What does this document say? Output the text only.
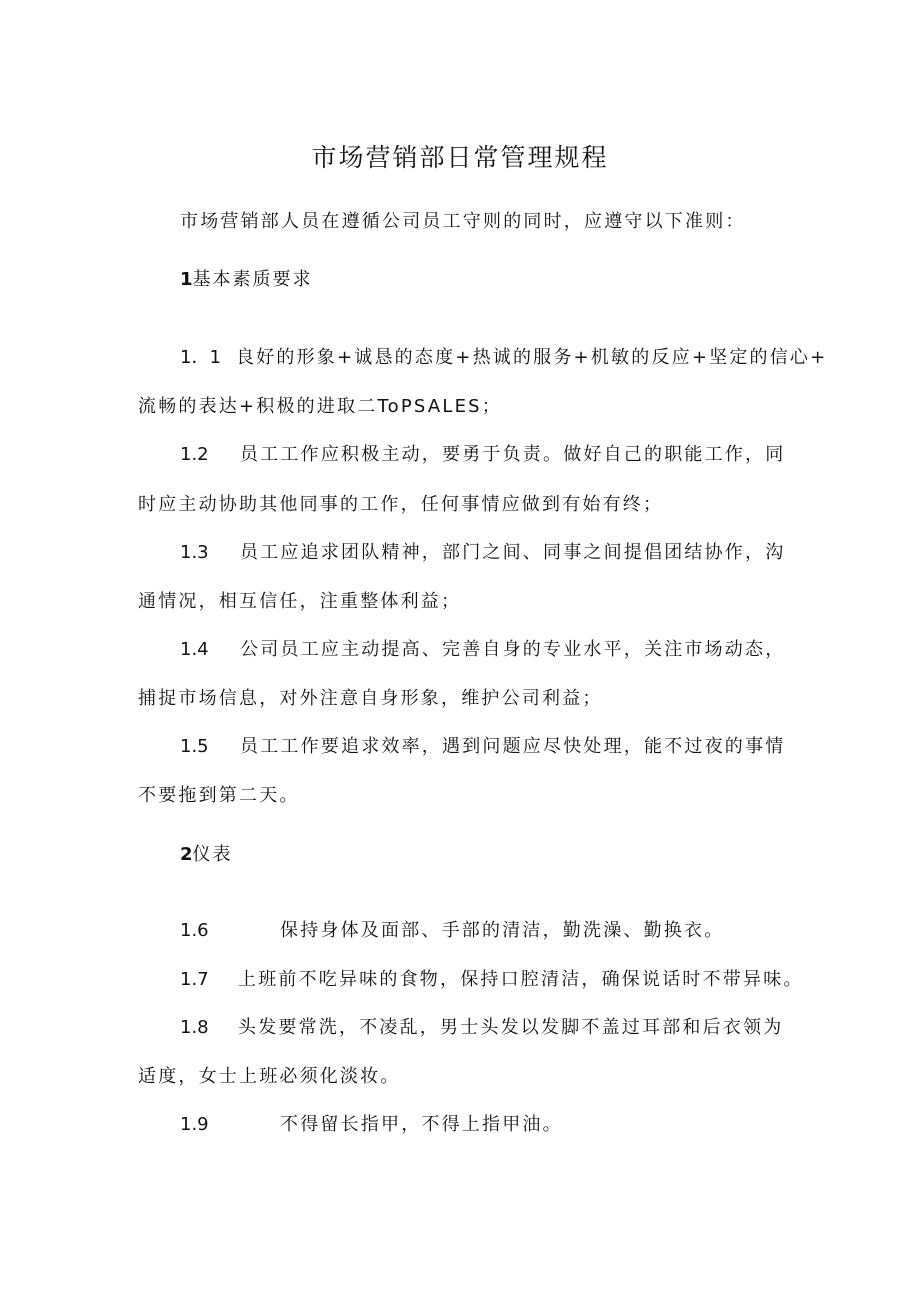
市场营销部日常管理规程
市场营销部人员在遵循公司员工守则的同时，应遵守以下准则：
1基本素质要求
1．1 良好的形象+诚恳的态度+热诚的服务+机敏的反应+坚定的信心+
流畅的表达+积极的进取二ToPSALES；
1.2 员工工作应积极主动，要勇于负责。做好自己的职能工作，同
时应主动协助其他同事的工作，任何事情应做到有始有终；
1.3 员工应追求团队精神，部门之间、同事之间提倡团结协作，沟
通情况，相互信任，注重整体利益；
1.4 公司员工应主动提高、完善自身的专业水平，关注市场动态，
捕捉市场信息，对外注意自身形象，维护公司利益；
1.5 员工工作要追求效率，遇到问题应尽快处理，能不过夜的事情
不要拖到第二天。
2仪表
1.6	保持身体及面部、手部的清洁，勤洗澡、勤换衣。
1.7 上班前不吃异味的食物，保持口腔清洁，确保说话时不带异味。
1.8 头发要常洗，不凌乱，男士头发以发脚不盖过耳部和后衣领为
适度，女士上班必须化淡妆。
1.9	不得留长指甲，不得上指甲油。
